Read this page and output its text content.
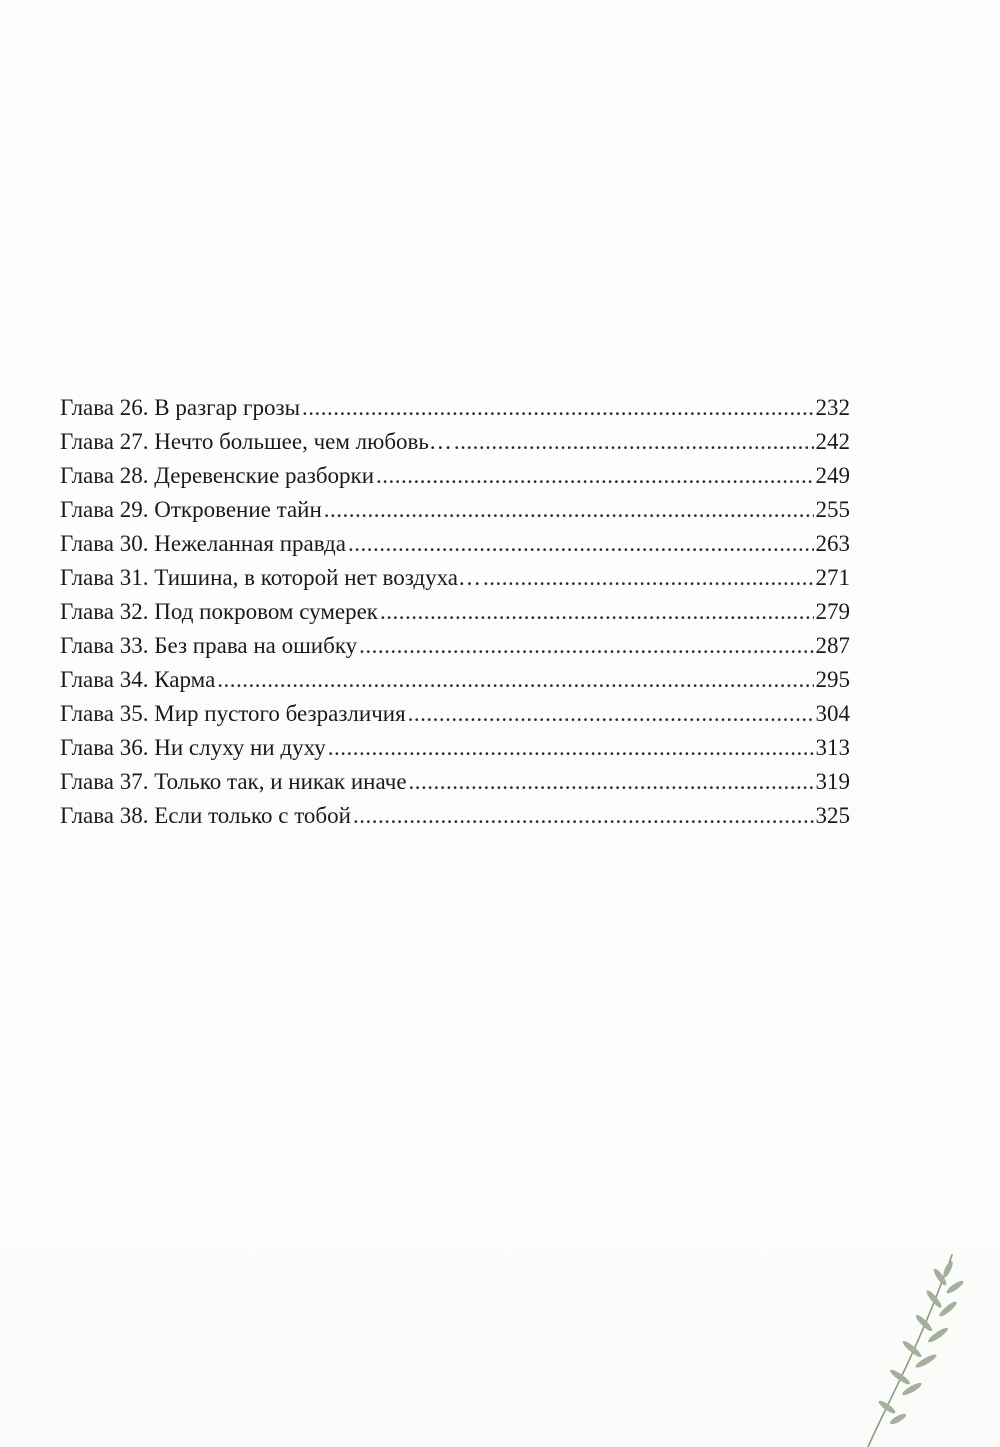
Глава 26. В разгар грозы .....	232
Глава 27. Нечто большее, чем любовь… .....	242
Глава 28. Деревенские разборки .....	249
Глава 29. Откровение тайн .....	255
Глава 30. Нежеланная правда .....	263
Глава 31. Тишина, в которой нет воздуха… .....	271
Глава 32. Под покровом сумерек .....	279
Глава 33. Без права на ошибку .....	287
Глава 34. Карма .....	295
Глава 35. Мир пустого безразличия .....	304
Глава 36. Ни слуху ни духу .....	313
Глава 37. Только так, и никак иначе .....	319
Глава 38. Если только с тобой .....	325
